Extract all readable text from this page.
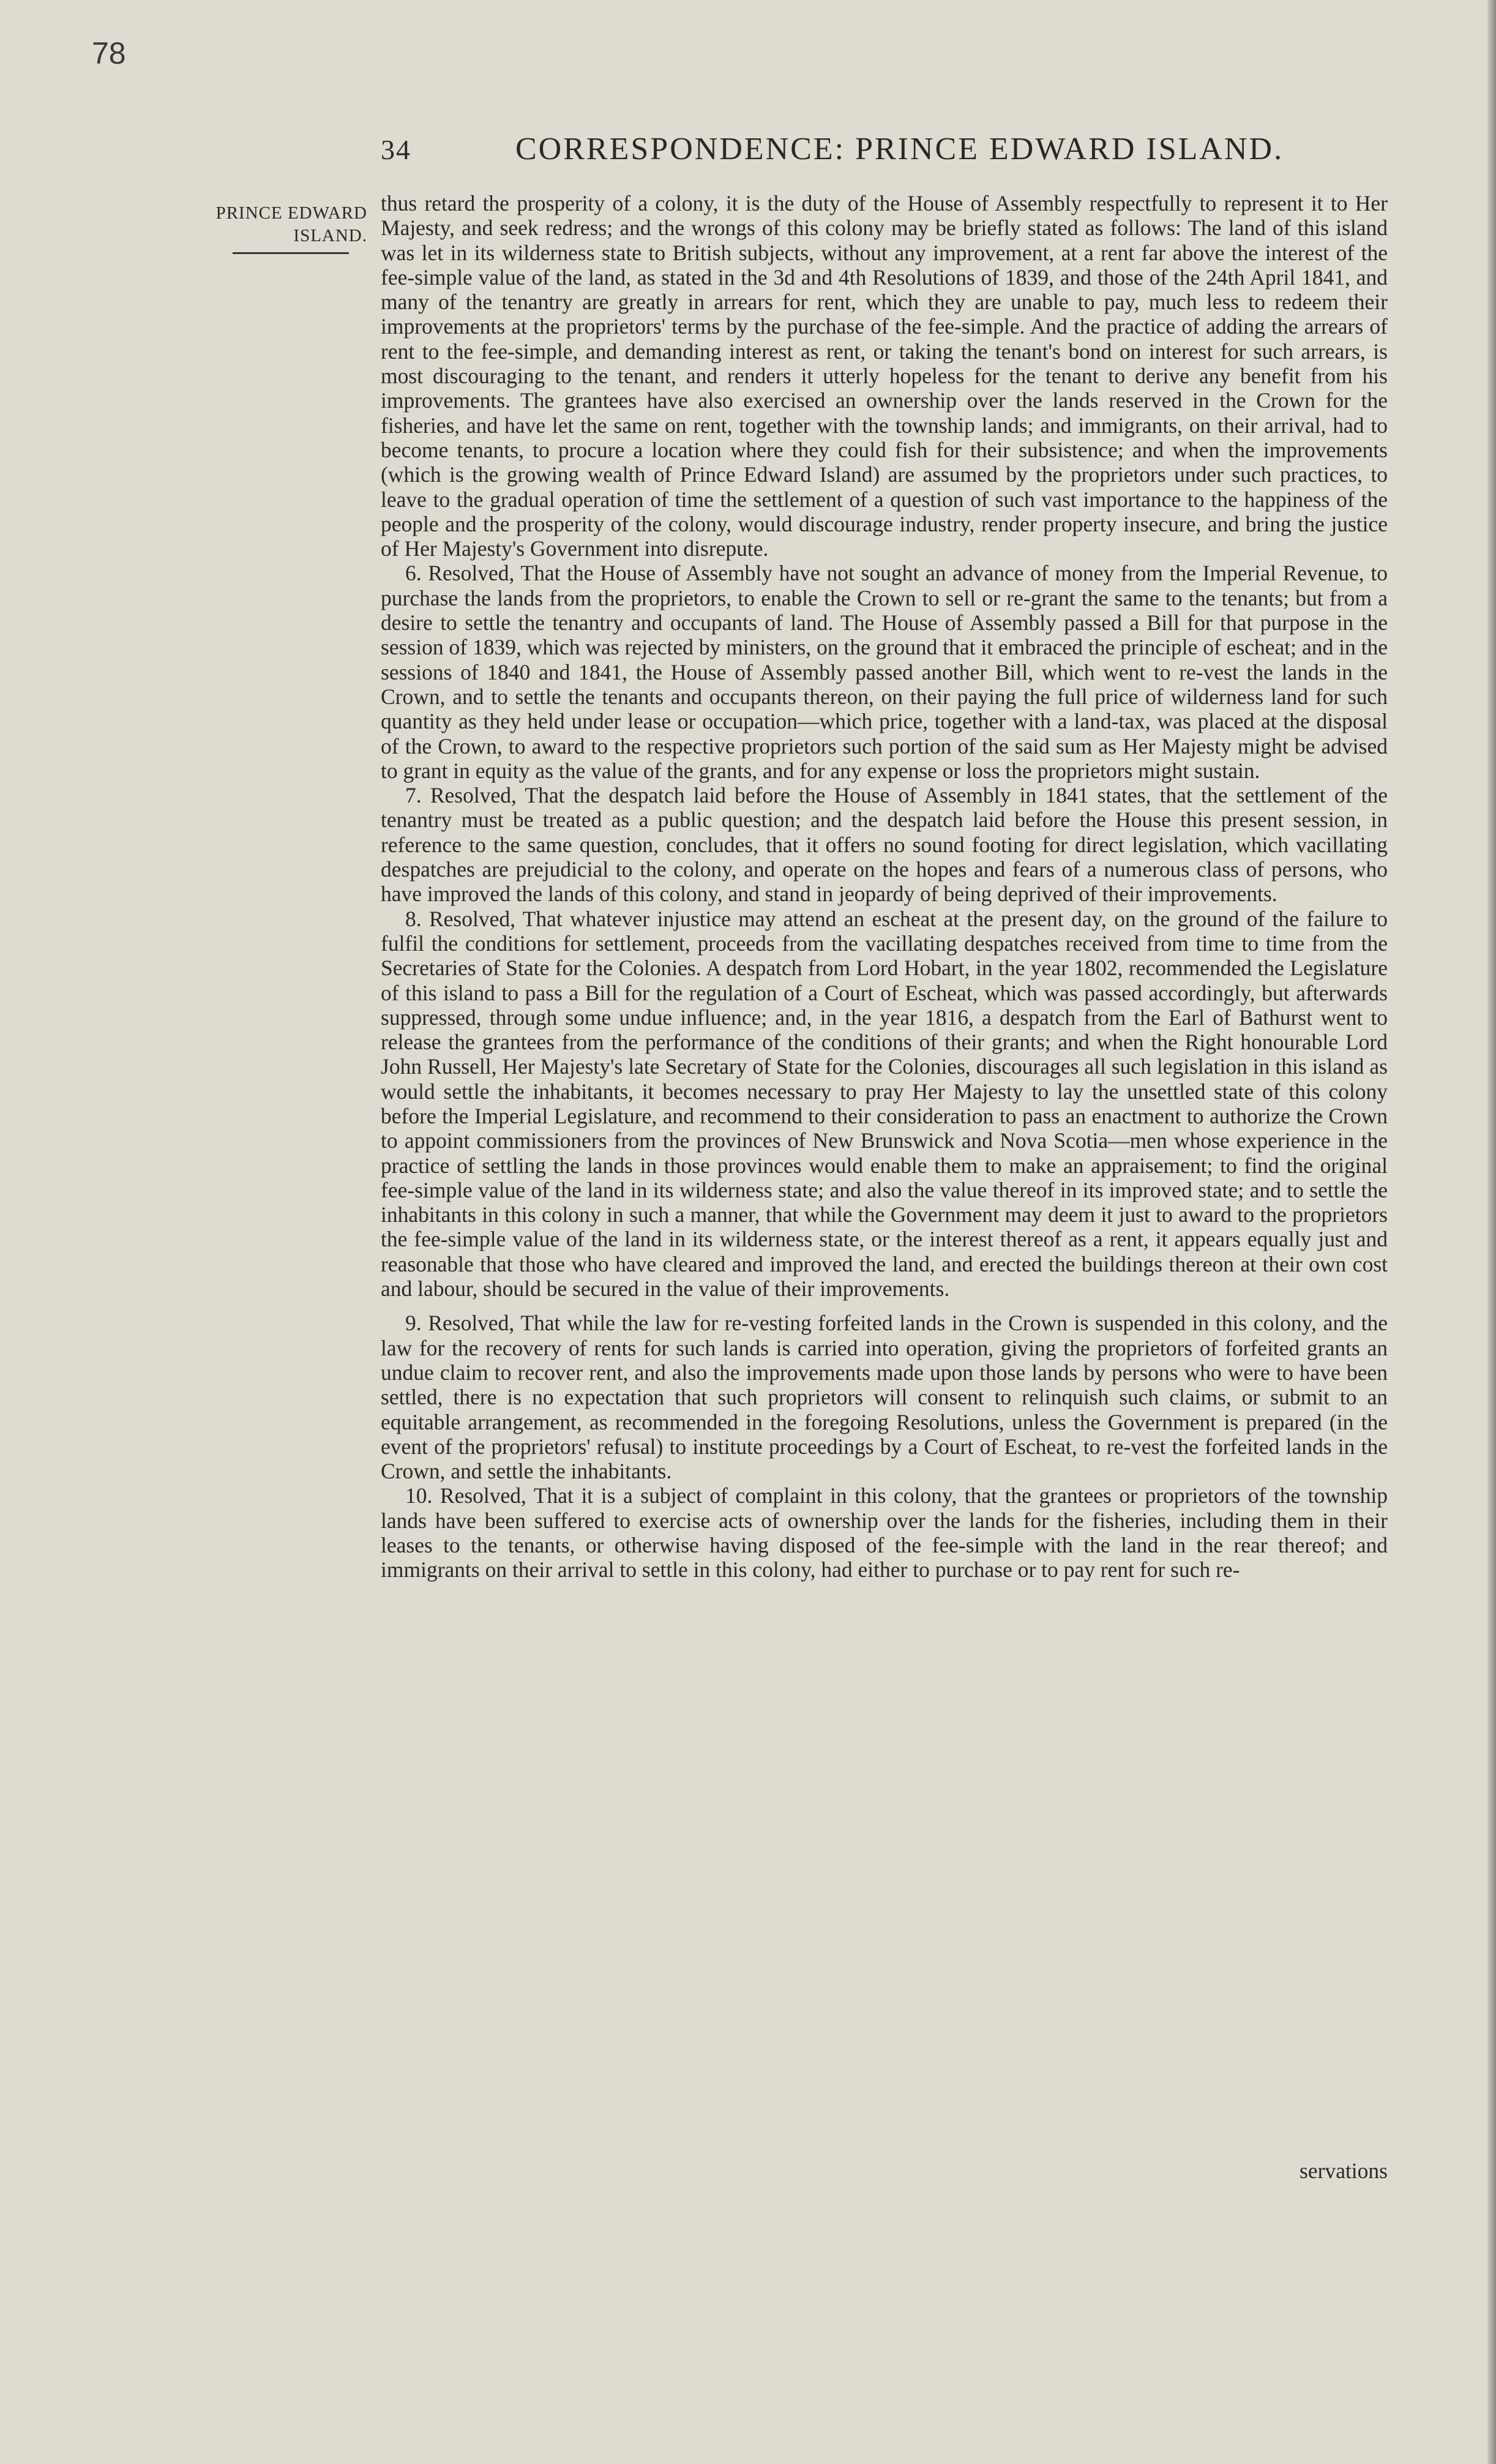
78
34	CORRESPONDENCE: PRINCE EDWARD ISLAND.
PRINCE EDWARD
ISLAND.

thus retard the prosperity of a colony, it is the duty of the House of Assembly respectfully to represent it to Her Majesty, and seek redress; and the wrongs of this colony may be briefly stated as follows: The land of this island was let in its wilderness state to British subjects, without any improvement, at a rent far above the interest of the fee-simple value of the land, as stated in the 3d and 4th Resolutions of 1839, and those of the 24th April 1841, and many of the tenantry are greatly in arrears for rent, which they are unable to pay, much less to redeem their improvements at the proprietors' terms by the purchase of the fee-simple. And the practice of adding the arrears of rent to the fee-simple, and demanding interest as rent, or taking the tenant's bond on interest for such arrears, is most discouraging to the tenant, and renders it utterly hopeless for the tenant to derive any benefit from his improvements. The grantees have also exercised an ownership over the lands reserved in the Crown for the fisheries, and have let the same on rent, together with the township lands; and immigrants, on their arrival, had to become tenants, to procure a location where they could fish for their subsistence; and when the improvements (which is the growing wealth of Prince Edward Island) are assumed by the proprietors under such practices, to leave to the gradual operation of time the settlement of a question of such vast importance to the happiness of the people and the prosperity of the colony, would discourage industry, render property insecure, and bring the justice of Her Majesty's Government into disrepute.

6. Resolved, That the House of Assembly have not sought an advance of money from the Imperial Revenue, to purchase the lands from the proprietors, to enable the Crown to sell or re-grant the same to the tenants; but from a desire to settle the tenantry and occupants of land. The House of Assembly passed a Bill for that purpose in the session of 1839, which was rejected by ministers, on the ground that it embraced the principle of escheat; and in the sessions of 1840 and 1841, the House of Assembly passed another Bill, which went to re-vest the lands in the Crown, and to settle the tenants and occupants thereon, on their paying the full price of wilderness land for such quantity as they held under lease or occupation—which price, together with a land-tax, was placed at the disposal of the Crown, to award to the respective proprietors such portion of the said sum as Her Majesty might be advised to grant in equity as the value of the grants, and for any expense or loss the proprietors might sustain.

7. Resolved, That the despatch laid before the House of Assembly in 1841 states, that the settlement of the tenantry must be treated as a public question; and the despatch laid before the House this present session, in reference to the same question, concludes, that it offers no sound footing for direct legislation, which vacillating despatches are prejudicial to the colony, and operate on the hopes and fears of a numerous class of persons, who have improved the lands of this colony, and stand in jeopardy of being deprived of their improvements.

8. Resolved, That whatever injustice may attend an escheat at the present day, on the ground of the failure to fulfil the conditions for settlement, proceeds from the vacillating despatches received from time to time from the Secretaries of State for the Colonies. A despatch from Lord Hobart, in the year 1802, recommended the Legislature of this island to pass a Bill for the regulation of a Court of Escheat, which was passed accordingly, but afterwards suppressed, through some undue influence; and, in the year 1816, a despatch from the Earl of Bathurst went to release the grantees from the performance of the conditions of their grants; and when the Right honourable Lord John Russell, Her Majesty's late Secretary of State for the Colonies, discourages all such legislation in this island as would settle the inhabitants, it becomes necessary to pray Her Majesty to lay the unsettled state of this colony before the Imperial Legislature, and recommend to their consideration to pass an enactment to authorize the Crown to appoint commissioners from the provinces of New Brunswick and Nova Scotia—men whose experience in the practice of settling the lands in those provinces would enable them to make an appraisement; to find the original fee-simple value of the land in its wilderness state; and also the value thereof in its improved state; and to settle the inhabitants in this colony in such a manner, that while the Government may deem it just to award to the proprietors the fee-simple value of the land in its wilderness state, or the interest thereof as a rent, it appears equally just and reasonable that those who have cleared and improved the land, and erected the buildings thereon at their own cost and labour, should be secured in the value of their improvements.

9. Resolved, That while the law for re-vesting forfeited lands in the Crown is suspended in this colony, and the law for the recovery of rents for such lands is carried into operation, giving the proprietors of forfeited grants an undue claim to recover rent, and also the improvements made upon those lands by persons who were to have been settled, there is no expectation that such proprietors will consent to relinquish such claims, or submit to an equitable arrangement, as recommended in the foregoing Resolutions, unless the Government is prepared (in the event of the proprietors' refusal) to institute proceedings by a Court of Escheat, to re-vest the forfeited lands in the Crown, and settle the inhabitants.

10. Resolved, That it is a subject of complaint in this colony, that the grantees or proprietors of the township lands have been suffered to exercise acts of ownership over the lands for the fisheries, including them in their leases to the tenants, or otherwise having disposed of the fee-simple with the land in the rear thereof; and immigrants on their arrival to settle in this colony, had either to purchase or to pay rent for such re-

servations
